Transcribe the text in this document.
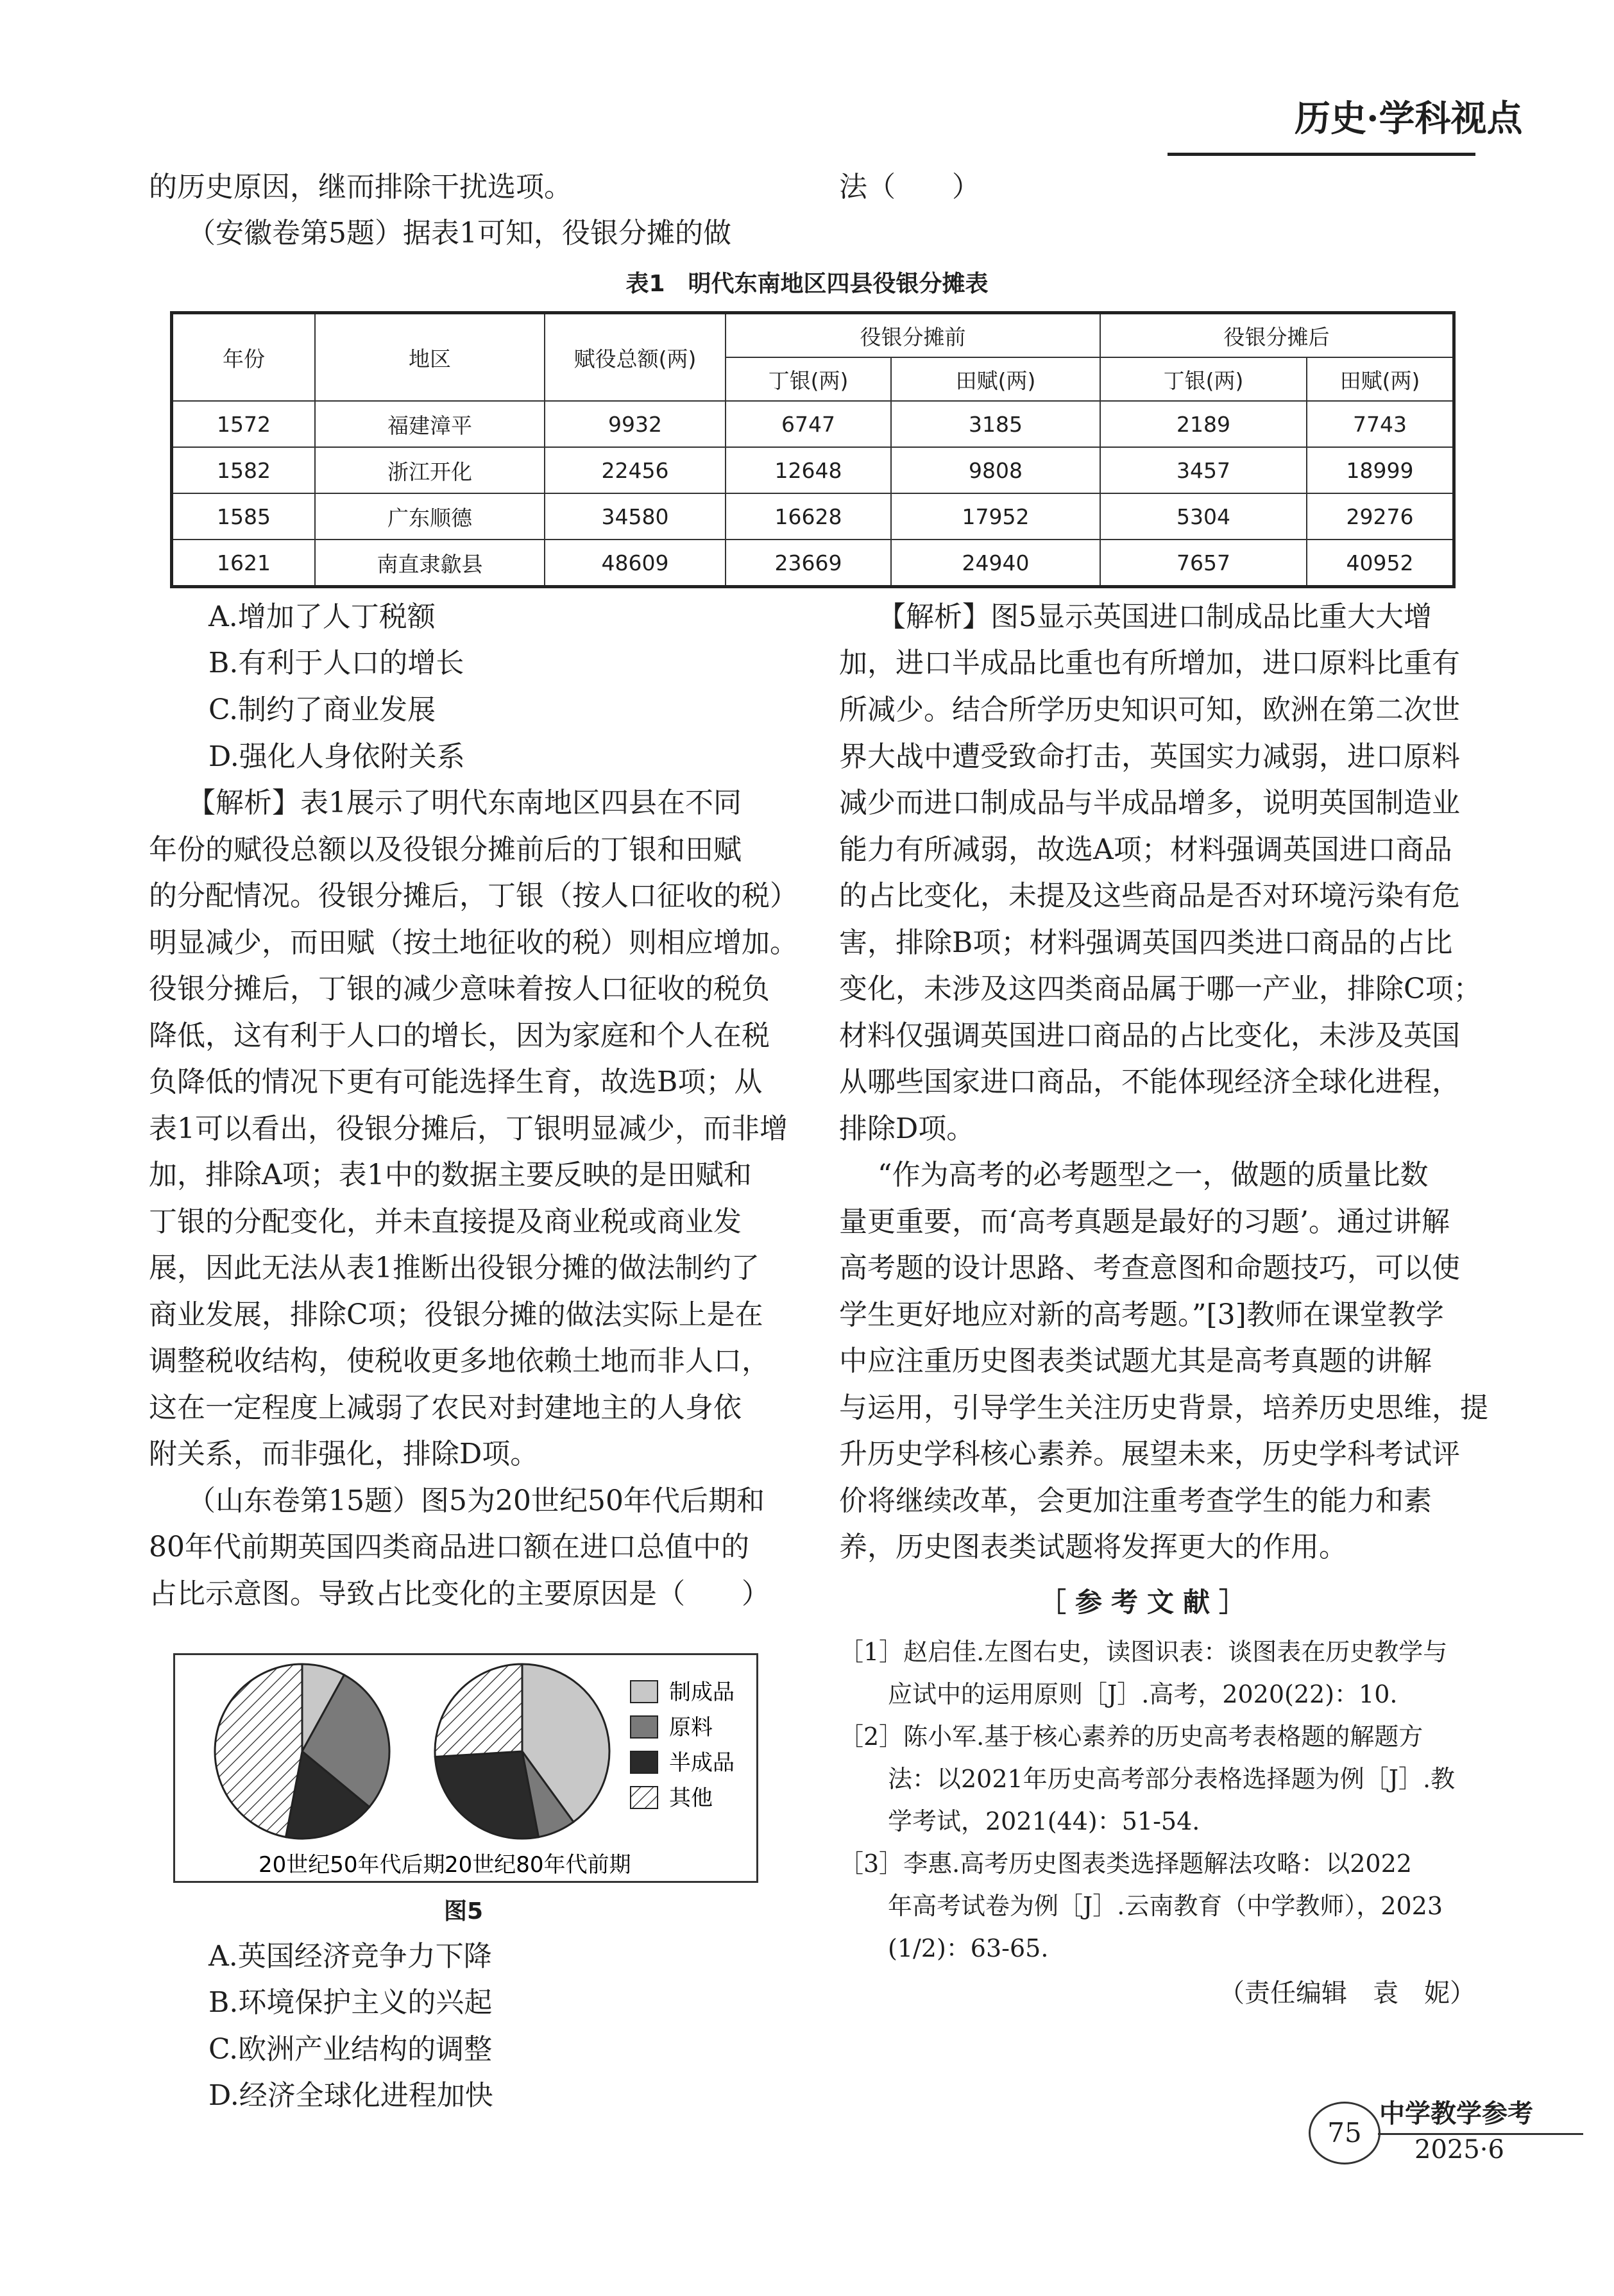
历史·学科视点
的历史原因，继而排除干扰选项。
（安徽卷第5题）据表1可知，役银分摊的做
法（　　）
表1　明代东南地区四县役银分摊表
年份	地区	赋役总额(两)	役银分摊前		役银分摊后	
			丁银(两)	田赋(两)	丁银(两)	田赋(两)
1572	福建漳平	9932	6747	3185	2189	7743
1582	浙江开化	22456	12648	9808	3457	18999
1585	广东顺德	34580	16628	17952	5304	29276
1621	南直隶歙县	48609	23669	24940	7657	40952
A.增加了人丁税额
B.有利于人口的增长
C.制约了商业发展
D.强化人身依附关系
【解析】表1展示了明代东南地区四县在不同
年份的赋役总额以及役银分摊前后的丁银和田赋
的分配情况。役银分摊后，丁银（按人口征收的税）
明显减少，而田赋（按土地征收的税）则相应增加。
役银分摊后，丁银的减少意味着按人口征收的税负
降低，这有利于人口的增长，因为家庭和个人在税
负降低的情况下更有可能选择生育，故选B项；从
表1可以看出，役银分摊后，丁银明显减少，而非增
加，排除A项；表1中的数据主要反映的是田赋和
丁银的分配变化，并未直接提及商业税或商业发
展，因此无法从表1推断出役银分摊的做法制约了
商业发展，排除C项；役银分摊的做法实际上是在
调整税收结构，使税收更多地依赖土地而非人口，
这在一定程度上减弱了农民对封建地主的人身依
附关系，而非强化，排除D项。
（山东卷第15题）图5为20世纪50年代后期和
80年代前期英国四类商品进口额在进口总值中的
占比示意图。导致占比变化的主要原因是（　　）
20世纪50年代后期 20世纪80年代前期
制成品
原料
半成品
其他
图5
A.英国经济竞争力下降
B.环境保护主义的兴起
C.欧洲产业结构的调整
D.经济全球化进程加快
【解析】图5显示英国进口制成品比重大大增
加，进口半成品比重也有所增加，进口原料比重有
所减少。结合所学历史知识可知，欧洲在第二次世
界大战中遭受致命打击，英国实力减弱，进口原料
减少而进口制成品与半成品增多，说明英国制造业
能力有所减弱，故选A项；材料强调英国进口商品
的占比变化，未提及这些商品是否对环境污染有危
害，排除B项；材料强调英国四类进口商品的占比
变化，未涉及这四类商品属于哪一产业，排除C项；
材料仅强调英国进口商品的占比变化，未涉及英国
从哪些国家进口商品，不能体现经济全球化进程，
排除D项。
“作为高考的必考题型之一，做题的质量比数
量更重要，而‘高考真题是最好的习题’。通过讲解
高考题的设计思路、考查意图和命题技巧，可以使
学生更好地应对新的高考题。”[3]教师在课堂教学
中应注重历史图表类试题尤其是高考真题的讲解
与运用，引导学生关注历史背景，培养历史思维，提
升历史学科核心素养。展望未来，历史学科考试评
价将继续改革，会更加注重考查学生的能力和素
养，历史图表类试题将发挥更大的作用。
［参考文献］
［1］赵启佳.左图右史，读图识表：谈图表在历史教学与
　　应试中的运用原则［J］.高考，2020(22)：10.
［2］陈小军.基于核心素养的历史高考表格题的解题方
　　法：以2021年历史高考部分表格选择题为例［J］.教
　　学考试，2021(44)：51-54.
［3］李惠.高考历史图表类选择题解法攻略：以2022
　　年高考试卷为例［J］.云南教育（中学教师），2023
　　(1/2)：63-65.
（责任编辑　袁　妮）
75
中学教学参考
2025·6
